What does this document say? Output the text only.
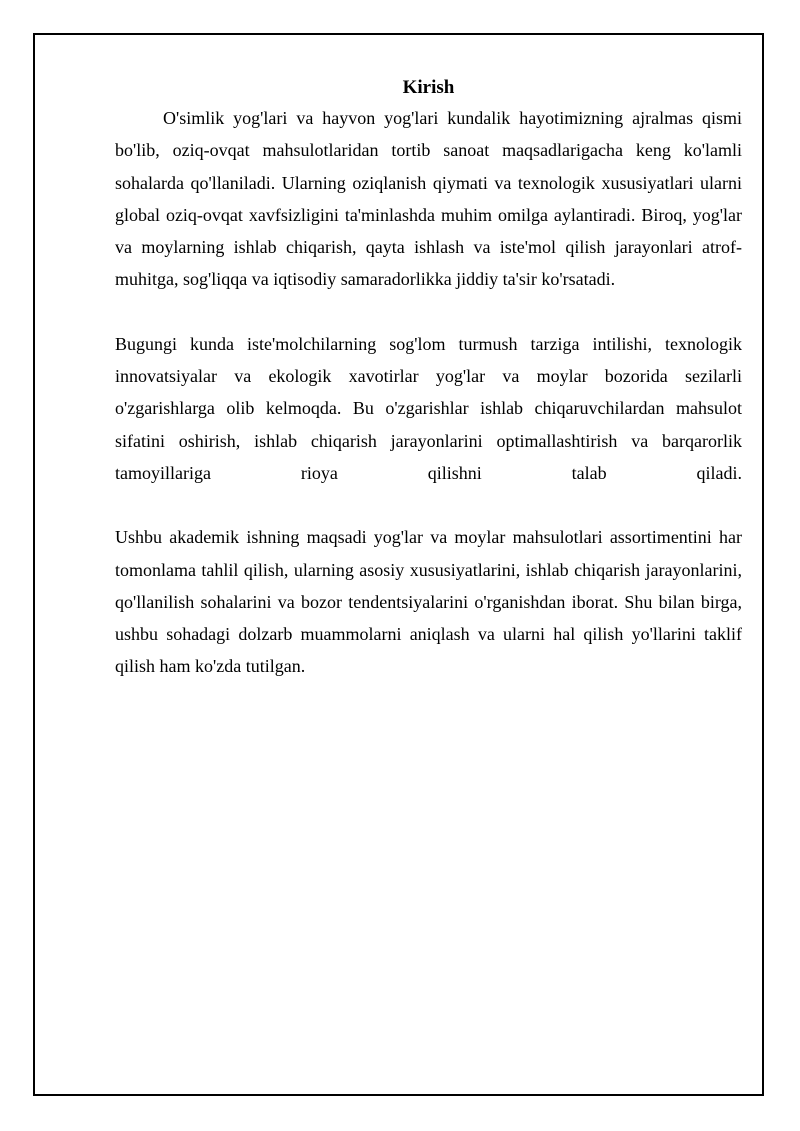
Kirish

O'simlik yog'lari va hayvon yog'lari kundalik hayotimizning ajralmas qismi bo'lib, oziq-ovqat mahsulotlaridan tortib sanoat maqsadlarigacha keng ko'lamli sohalarda qo'llaniladi. Ularning oziqlanish qiymati va texnologik xususiyatlari ularni global oziq-ovqat xavfsizligini ta'minlashda muhim omilga aylantiradi. Biroq, yog'lar va moylarning ishlab chiqarish, qayta ishlash va iste'mol qilish jarayonlari atrof-muhitga, sog'liqqa va iqtisodiy samaradorlikka jiddiy ta'sir ko'rsatadi.

Bugungi kunda iste'molchilarning sog'lom turmush tarziga intilishi, texnologik innovatsiyalar va ekologik xavotirlar yog'lar va moylar bozorida sezilarli o'zgarishlarga olib kelmoqda. Bu o'zgarishlar ishlab chiqaruvchilardan mahsulot sifatini oshirish, ishlab chiqarish jarayonlarini optimallashtirish va barqarorlik tamoyillariga rioya qilishni talab qiladi.

Ushbu akademik ishning maqsadi yog'lar va moylar mahsulotlari assortimentini har tomonlama tahlil qilish, ularning asosiy xususiyatlarini, ishlab chiqarish jarayonlarini, qo'llanilish sohalarini va bozor tendentsiyalarini o'rganishdan iborat. Shu bilan birga, ushbu sohadagi dolzarb muammolarni aniqlash va ularni hal qilish yo'llarini taklif qilish ham ko'zda tutilgan.
